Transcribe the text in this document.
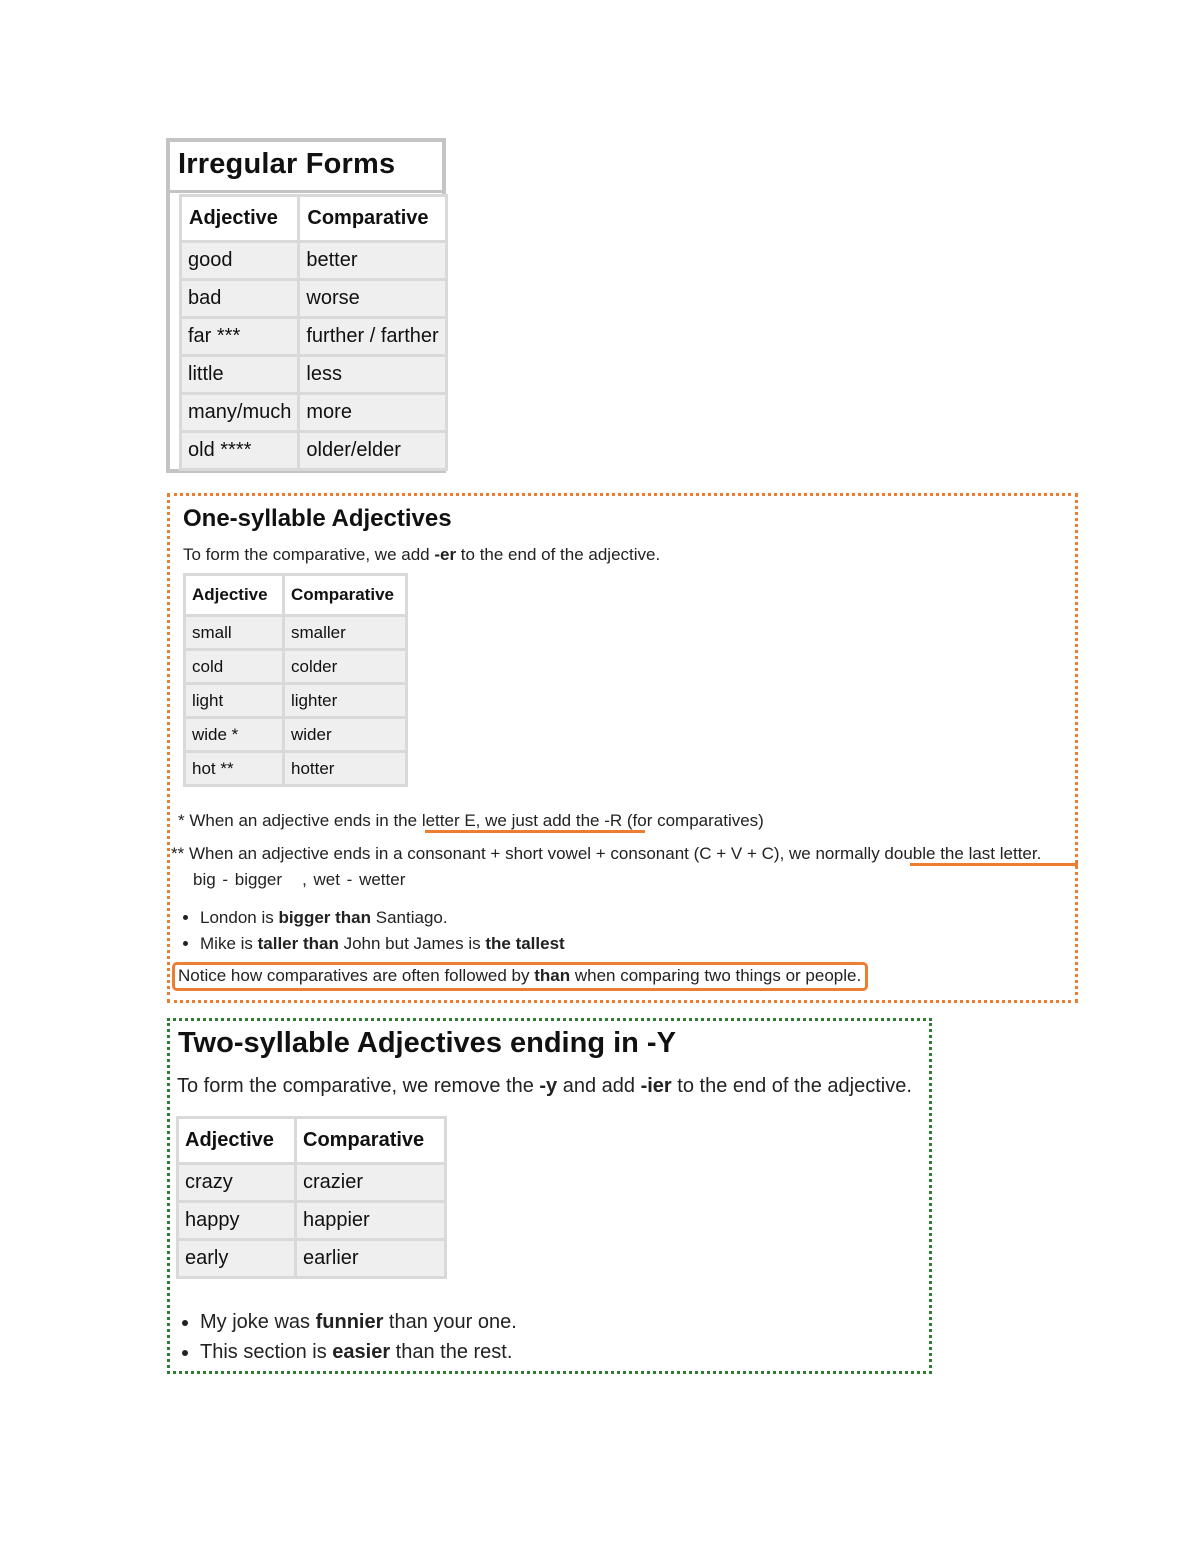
Irregular Forms
Adjective	Comparative
good	better
bad	worse
far ***	further / farther
little	less
many/much	more
old ****	older/elder
One-syllable Adjectives
To form the comparative, we add -er to the end of the adjective.
Adjective	Comparative
small	smaller
cold	colder
light	lighter
wide *	wider
hot **	hotter
* When an adjective ends in the letter E, we just add the -R (for comparatives)
** When an adjective ends in a consonant + short vowel + consonant (C + V + C), we normally double the last letter.
big - bigger , wet - wetter
• London is bigger than Santiago.
• Mike is taller than John but James is the tallest
Notice how comparatives are often followed by than when comparing two things or people.
Two-syllable Adjectives ending in -Y
To form the comparative, we remove the -y and add -ier to the end of the adjective.
Adjective	Comparative
crazy	crazier
happy	happier
early	earlier
• My joke was funnier than your one.
• This section is easier than the rest.
